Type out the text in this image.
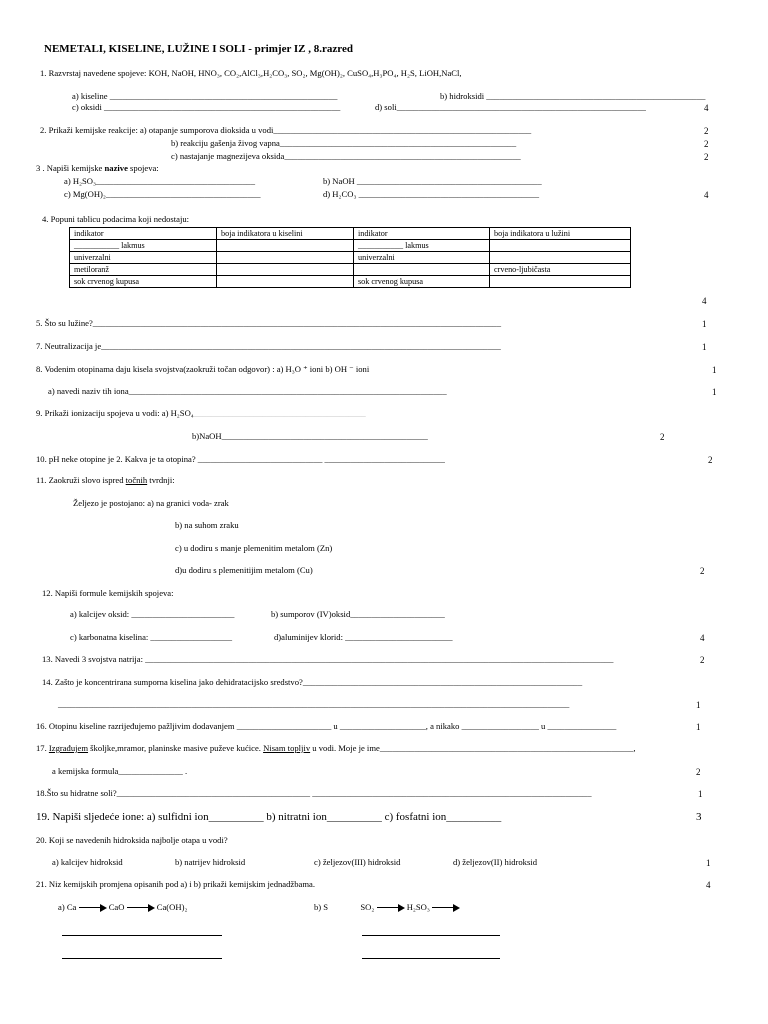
NEMETALI, KISELINE, LUŽINE I SOLI - primjer IZ , 8.razred
1. Razvrstaj navedene spojeve: KOH, NaOH, HNO₃, CO₂,AlCl₃,H₂CO₃, SO₂, Mg(OH)₂, CuSO₄,H₃PO₄, H₂S, LiOH,NaCl,
a) kiseline _____________________________________________________	b) hidroksidi ___________________________________________________
c) oksidi _______________________________________________________	d) soli__________________________________________________________	4
2. Prikaži kemijske reakcije: a) otapanje sumporova dioksida u vodi____________________________________________________________
b) reakciju gašenja živog vapna_______________________________________________________
c) nastajanje magnezijeva oksida_______________________________________________________
2
2
2
3 . Napiši kemijske nazive spojeva:
a) H₂SO₃_____________________________________	b) NaOH ___________________________________________
c) Mg(OH)₂____________________________________	d) H₂CO₃ __________________________________________	4
4. Popuni tablicu podacima koji nedostaju:
indikator	boja indikatora u kiselini	indikator	boja indikatora u lužini
___________ lakmus		___________ lakmus	
univerzalni		univerzalni	
metiloranž			crveno-ljubičasta
sok crvenog kupusa		sok crvenog kupusa	
4
5. Što su lužine?_______________________________________________________________________________________________	1
7. Neutralizacija je_____________________________________________________________________________________________	1
8. Vodenim otopinama daju kisela svojstva(zaokruži točan odgovor) : a) H₃O ⁺ ioni b) OH ⁻ ioni	1
a) navedi naziv tih iona__________________________________________________________________________	1
9. Prikaži ionizaciju spojeva u vodi: a) H₂SO₄________________________________________
b)NaOH________________________________________________	2
10. pH neke otopine je 2. Kakva je ta otopina? _____________________________ ____________________________	2
11. Zaokruži slovo ispred točnih tvrdnji:
Željezo je postojano: a) na granici voda- zrak
b) na suhom zraku
c) u dodiru s manje plemenitim metalom (Zn)
d)u dodiru s plemenitijim metalom (Cu)	2
12. Napiši formule kemijskih spojeva:
a) kalcijev oksid: ________________________	b) sumporov (IV)oksid______________________
c) karbonatna kiselina: ___________________	d)aluminijev klorid: _________________________	4
13. Navedi 3 svojstva natrija: _____________________________________________________________________________________________________________	2
14. Zašto je koncentrirana sumporna kiselina jako dehidratacijsko sredstvo?_________________________________________________________________
_______________________________________________________________________________________________________________________	1
16. Otopinu kiseline razrijeđujemo pažljivim dodavanjem ______________________ u ____________________, a nikako __________________ u ________________	1
17. Izgrađujem školjke,mramor, planinske masive puževe kućice. Nisam topljiv u vodi. Moje je ime___________________________________________________________,
a kemijska formula_______________ .	2
18.Što su hidratne soli?_____________________________________________ _________________________________________________________________	1
19. Napiši sljedeće ione: a) sulfidni ion__________ b) nitratni ion__________ c) fosfatni ion__________	3
20. Koji se navedenih hidroksida najbolje otapa u vodi?
a) kalcijev hidroksid	b) natrijev hidroksid	c) željezov(III) hidroksid	d) željezov(II) hidroksid	1
21. Niz kemijskih promjena opisanih pod a) i b) prikaži kemijskim jednadžbama.	4
a) Ca	CaO	Ca(OH)₂	b) S	SO₂	H₂SO₃
